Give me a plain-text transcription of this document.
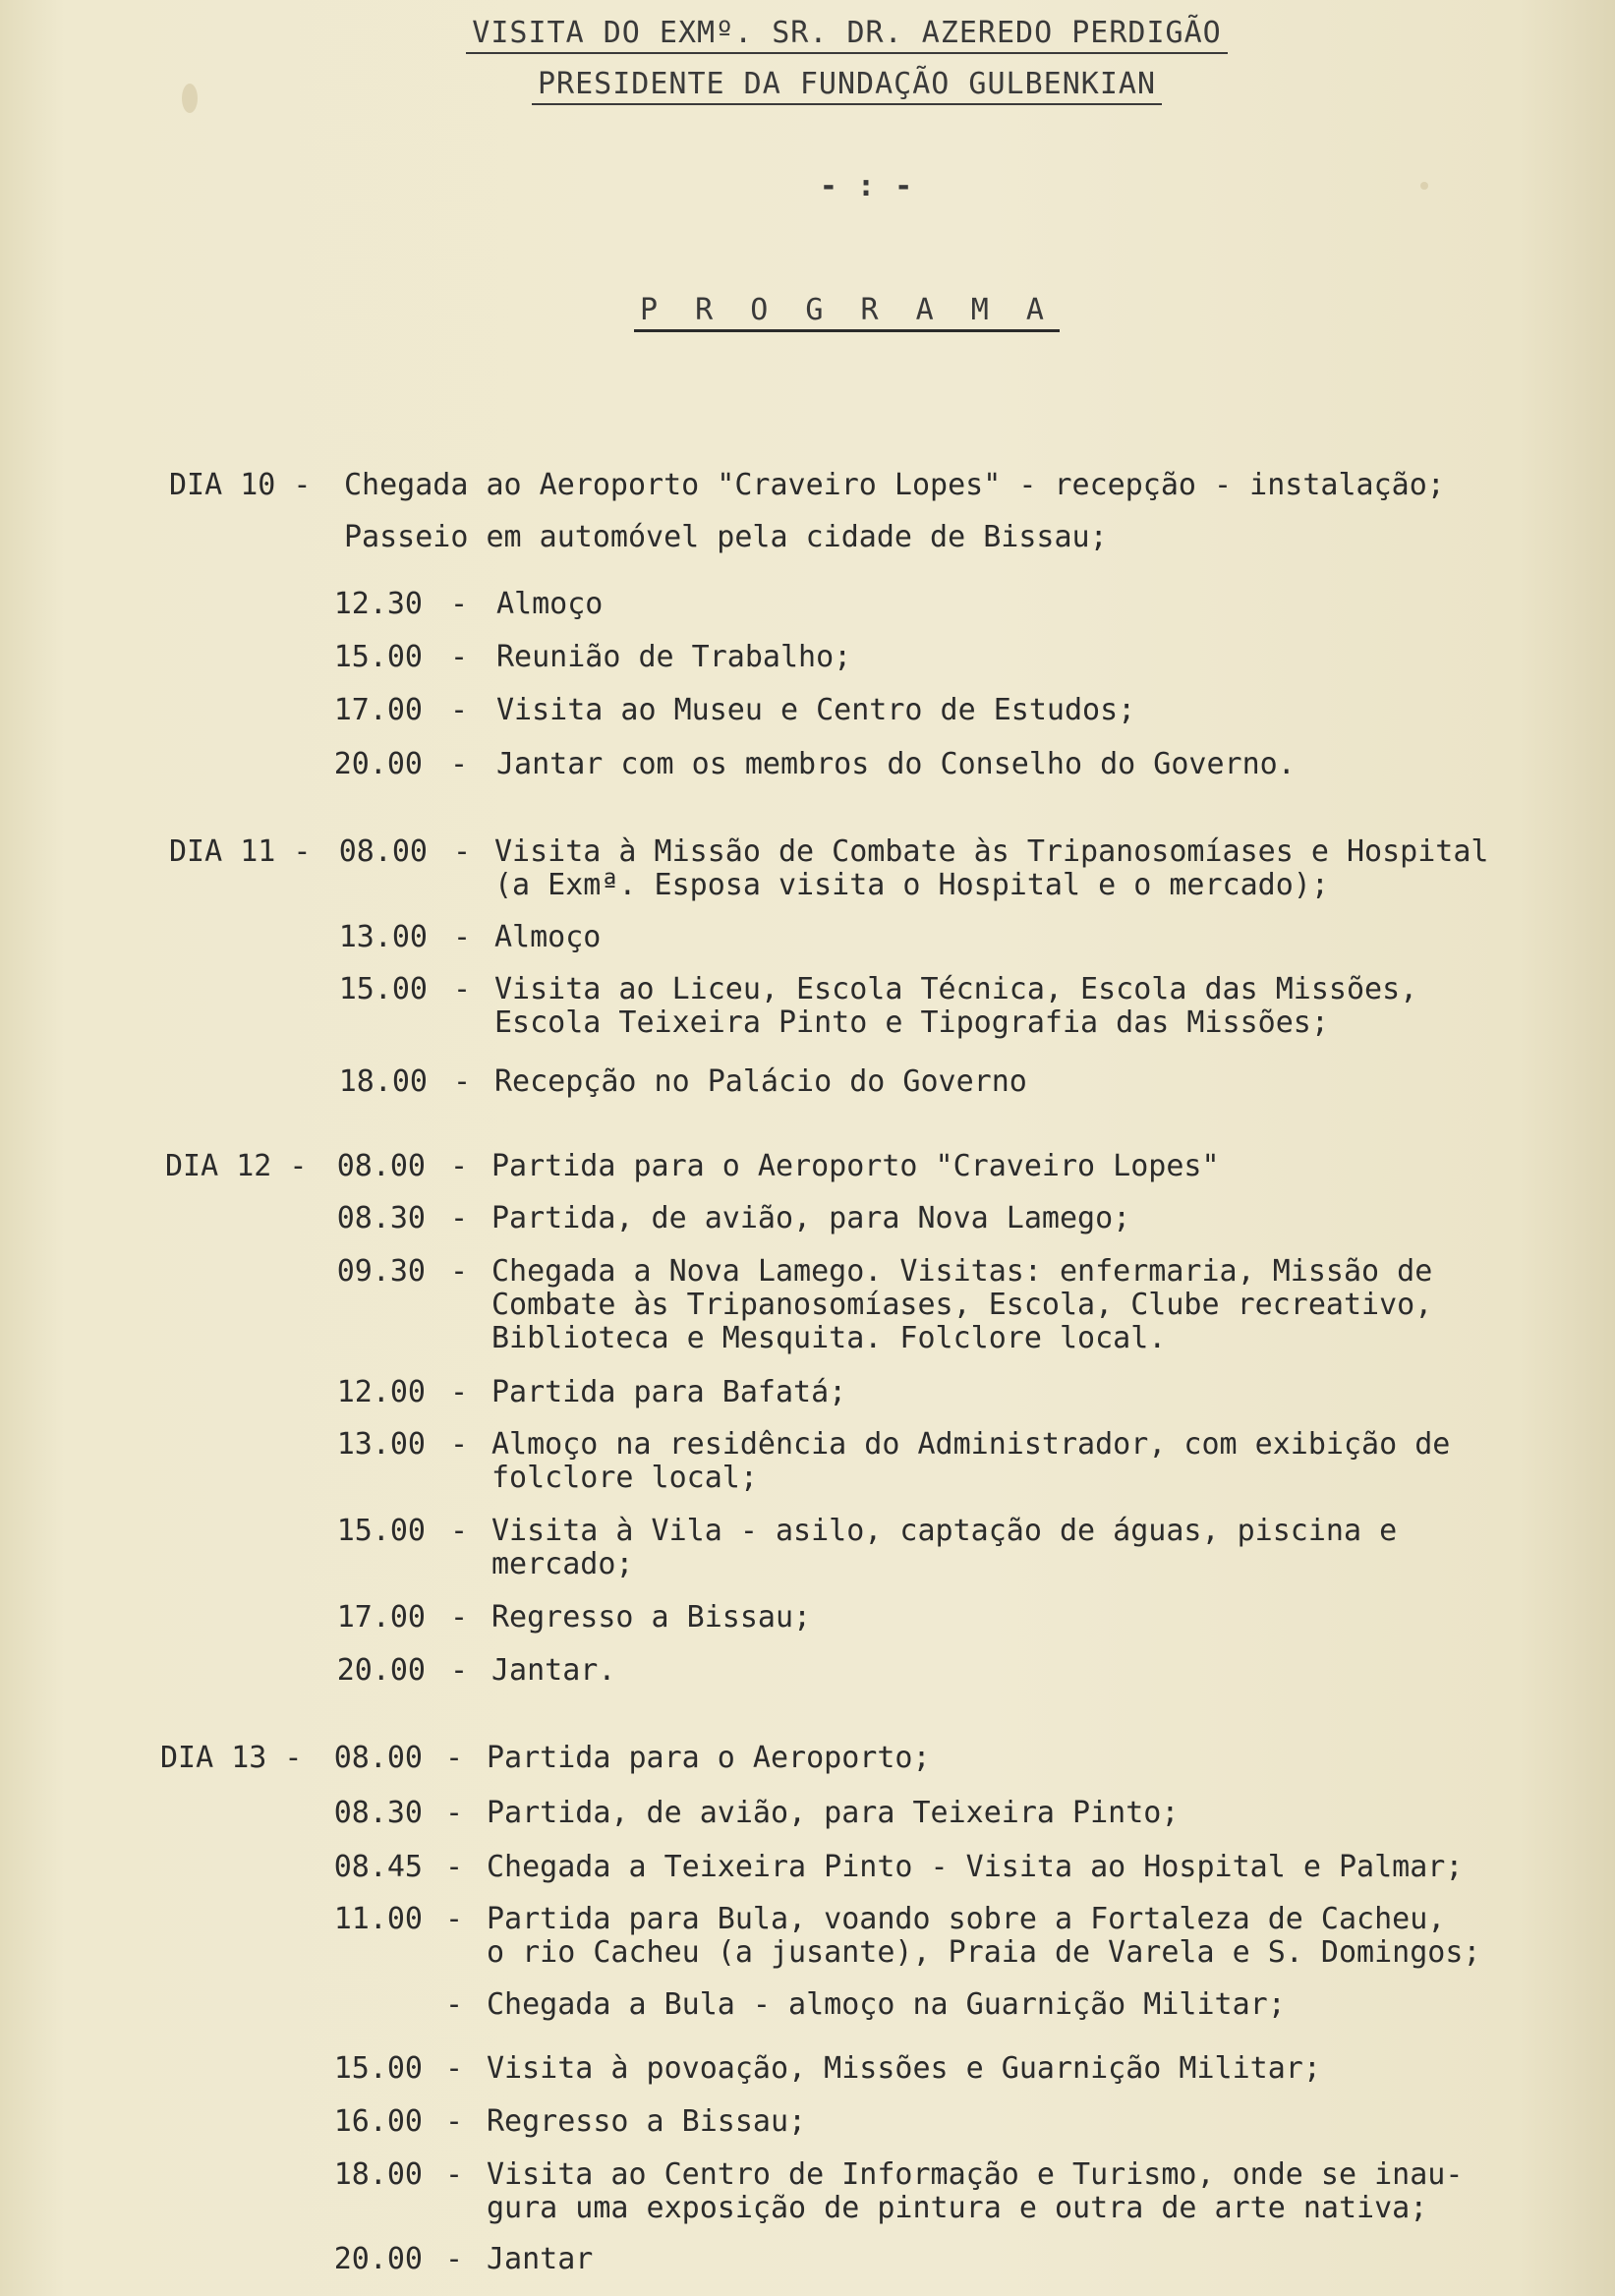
VISITA DO EXMº. SR. DR. AZEREDO PERDIGÃO
PRESIDENTE DA FUNDAÇÃO GULBENKIAN
- : -
P R O G R A M A
DIA 10 -	Chegada ao Aeroporto "Craveiro Lopes" - recepção - instalação;
Passeio em automóvel pela cidade de Bissau;
12.30 - Almoço
15.00 - Reunião de Trabalho;
17.00 - Visita ao Museu e Centro de Estudos;
20.00 - Jantar com os membros do Conselho do Governo.
DIA 11 - 08.00 - Visita à Missão de Combate às Tripanosomíases e Hospital
(a Exmª. Esposa visita o Hospital e o mercado);
13.00 - Almoço
15.00 - Visita ao Liceu, Escola Técnica, Escola das Missões,
Escola Teixeira Pinto e Tipografia das Missões;
18.00 - Recepção no Palácio do Governo
DIA 12 -	08.00 - Partida para o Aeroporto "Craveiro Lopes"
08.30 - Partida, de avião, para Nova Lamego;
09.30 - Chegada a Nova Lamego. Visitas: enfermaria, Missão de
Combate às Tripanosomíases, Escola, Clube recreativo,
Biblioteca e Mesquita. Folclore local.
12.00 - Partida para Bafatá;
13.00 - Almoço na residência do Administrador, com exibição de
folclore local;
15.00 - Visita à Vila - asilo, captação de águas, piscina e
mercado;
17.00 - Regresso a Bissau;
20.00 - Jantar.
DIA 13 -	08.00 - Partida para o Aeroporto;
08.30 - Partida, de avião, para Teixeira Pinto;
08.45 - Chegada a Teixeira Pinto - Visita ao Hospital e Palmar;
11.00 - Partida para Bula, voando sobre a Fortaleza de Cacheu,
o rio Cacheu (a jusante), Praia de Varela e S. Domingos;
- Chegada a Bula - almoço na Guarnição Militar;
15.00 - Visita à povoação, Missões e Guarnição Militar;
16.00 - Regresso a Bissau;
18.00 - Visita ao Centro de Informação e Turismo, onde se inau-
gura uma exposição de pintura e outra de arte nativa;
20.00 - Jantar
